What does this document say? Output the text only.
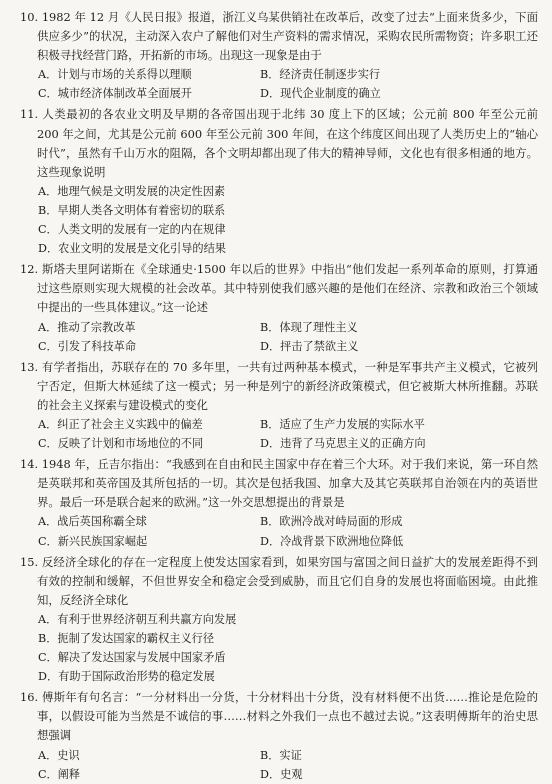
10. 1982 年 12 月《人民日报》报道，浙江义乌某供销社在改革后，改变了过去“上面来货多少，下面供应多少”的状况，主动深入农户了解他们对生产资料的需求情况，采购农民所需物资；许多职工还积极寻找经营门路，开拓新的市场。出现这一现象是由于
A．计划与市场的关系得以理顺	B．经济责任制逐步实行
C．城市经济体制改革全面展开	D．现代企业制度的确立
11. 人类最初的各农业文明及早期的各帝国出现于北纬 30 度上下的区域；公元前 800 年至公元前 200 年之间，尤其是公元前 600 年至公元前 300 年间，在这个纬度区间出现了人类历史上的“轴心时代”，虽然有千山万水的阻隔，各个文明却都出现了伟大的精神导师，文化也有很多相通的地方。这些现象说明
A．地理气候是文明发展的决定性因素
B．早期人类各文明体有着密切的联系
C．人类文明的发展有一定的内在规律
D．农业文明的发展是文化引导的结果
12. 斯塔夫里阿诺斯在《全球通史·1500 年以后的世界》中指出“他们发起一系列革命的原则，打算通过这些原则实现大规模的社会改革。其中特别使我们感兴趣的是他们在经济、宗教和政治三个领域中提出的一些具体建议。”这一论述
A．推动了宗教改革	B．体现了理性主义
C．引发了科技革命	D．抨击了禁欲主义
13. 有学者指出，苏联存在的 70 多年里，一共有过两种基本模式，一种是军事共产主义模式，它被列宁否定，但斯大林延续了这一模式；另一种是列宁的新经济政策模式，但它被斯大林所推翻。苏联的社会主义探索与建设模式的变化
A．纠正了社会主义实践中的偏差	B．适应了生产力发展的实际水平
C．反映了计划和市场地位的不同	D．违背了马克思主义的正确方向
14. 1948 年，丘吉尔指出：“我感到在自由和民主国家中存在着三个大环。对于我们来说，第一环自然是英联邦和英帝国及其所包括的一切。其次是包括我国、加拿大及其它英联邦自治领在内的英语世界。最后一环是联合起来的欧洲。”这一外交思想提出的背景是
A．战后英国称霸全球	B．欧洲冷战对峙局面的形成
C．新兴民族国家崛起	D．冷战背景下欧洲地位降低
15. 反经济全球化的存在一定程度上使发达国家看到，如果穷国与富国之间日益扩大的发展差距得不到有效的控制和缓解，不但世界安全和稳定会受到威胁，而且它们自身的发展也将面临困境。由此推知，反经济全球化
A．有利于世界经济朝互利共赢方向发展
B．扼制了发达国家的霸权主义行径
C．解决了发达国家与发展中国家矛盾
D．有助于国际政治形势的稳定发展
16. 傅斯年有句名言：“一分材料出一分货，十分材料出十分货，没有材料便不出货……推论是危险的事，以假设可能为当然是不诚信的事……材料之外我们一点也不越过去说。”这表明傅斯年的治史思想强调
A．史识	B．实证
C．阐释	D．史观
